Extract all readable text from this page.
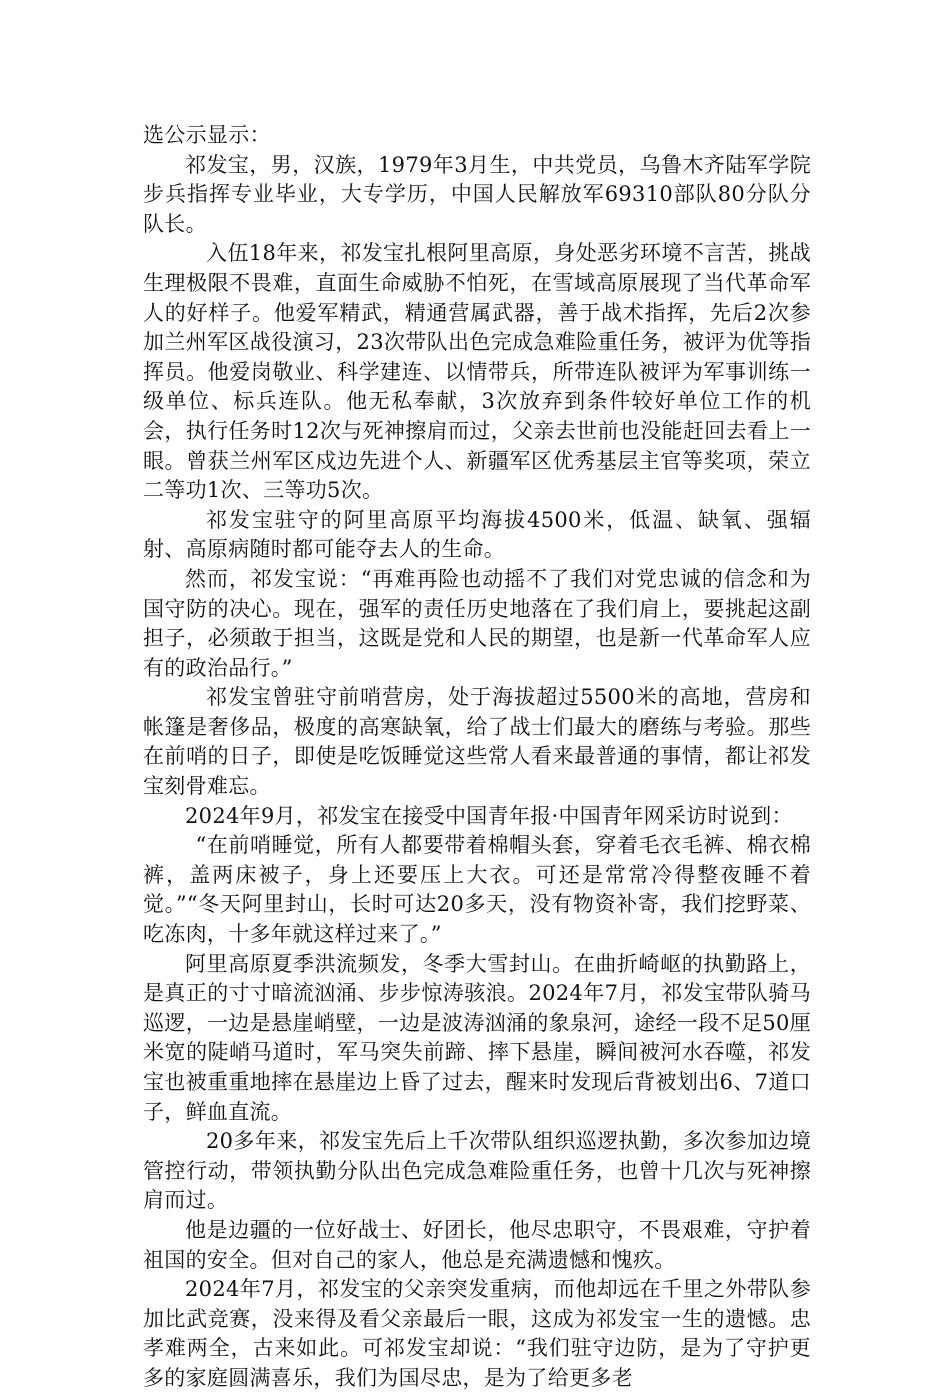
选公示显示：

祁发宝，男，汉族，1979年3月生，中共党员，乌鲁木齐陆军学院步兵指挥专业毕业，大专学历，中国人民解放军69310部队80分队分队长。

入伍18年来，祁发宝扎根阿里高原，身处恶劣环境不言苦，挑战生理极限不畏难，直面生命威胁不怕死，在雪域高原展现了当代革命军人的好样子。他爱军精武，精通营属武器，善于战术指挥，先后2次参加兰州军区战役演习，23次带队出色完成急难险重任务，被评为优等指挥员。他爱岗敬业、科学建连、以情带兵，所带连队被评为军事训练一级单位、标兵连队。他无私奉献，3次放弃到条件较好单位工作的机会，执行任务时12次与死神擦肩而过，父亲去世前也没能赶回去看上一眼。曾获兰州军区戍边先进个人、新疆军区优秀基层主官等奖项，荣立二等功1次、三等功5次。

祁发宝驻守的阿里高原平均海拔4500米，低温、缺氧、强辐射、高原病随时都可能夺去人的生命。

然而，祁发宝说：“再难再险也动摇不了我们对党忠诚的信念和为国守防的决心。现在，强军的责任历史地落在了我们肩上，要挑起这副担子，必须敢于担当，这既是党和人民的期望，也是新一代革命军人应有的政治品行。”

祁发宝曾驻守前哨营房，处于海拔超过5500米的高地，营房和帐篷是奢侈品，极度的高寒缺氧，给了战士们最大的磨练与考验。那些在前哨的日子，即使是吃饭睡觉这些常人看来最普通的事情，都让祁发宝刻骨难忘。

2024年9月，祁发宝在接受中国青年报·中国青年网采访时说到：

“在前哨睡觉，所有人都要带着棉帽头套，穿着毛衣毛裤、棉衣棉裤，盖两床被子，身上还要压上大衣。可还是常常冷得整夜睡不着觉。”“冬天阿里封山，长时可达20多天，没有物资补寄，我们挖野菜、吃冻肉，十多年就这样过来了。”

阿里高原夏季洪流频发，冬季大雪封山。在曲折崎岖的执勤路上，是真正的寸寸暗流汹涌、步步惊涛骇浪。2024年7月，祁发宝带队骑马巡逻，一边是悬崖峭壁，一边是波涛汹涌的象泉河，途经一段不足50厘米宽的陡峭马道时，军马突失前蹄、摔下悬崖，瞬间被河水吞噬，祁发宝也被重重地摔在悬崖边上昏了过去，醒来时发现后背被划出6、7道口子，鲜血直流。

20多年来，祁发宝先后上千次带队组织巡逻执勤，多次参加边境管控行动，带领执勤分队出色完成急难险重任务，也曾十几次与死神擦肩而过。

他是边疆的一位好战士、好团长，他尽忠职守，不畏艰难，守护着祖国的安全。但对自己的家人，他总是充满遗憾和愧疚。

2024年7月，祁发宝的父亲突发重病，而他却远在千里之外带队参加比武竞赛，没来得及看父亲最后一眼，这成为祁发宝一生的遗憾。忠孝难两全，古来如此。可祁发宝却说：“我们驻守边防，是为了守护更多的家庭圆满喜乐，我们为国尽忠，是为了给更多老
